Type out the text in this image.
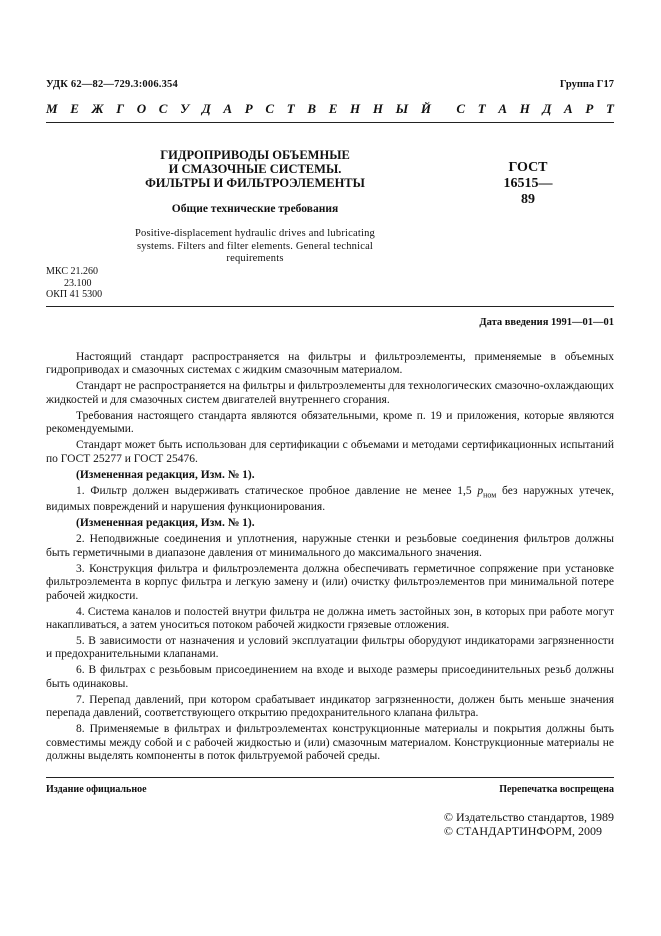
УДК 62—82—729.3:006.354	Группа Г17
М Е Ж Г О С У Д А Р С Т В Е Н Н Ы Й С Т А Н Д А Р Т
ГИДРОПРИВОДЫ ОБЪЕМНЫЕ
И СМАЗОЧНЫЕ СИСТЕМЫ.
ФИЛЬТРЫ И ФИЛЬТРОЭЛЕМЕНТЫ
ГОСТ
16515—89
Общие технические требования
Positive-displacement hydraulic drives and lubricating
systems. Filters and filter elements. General technical
requirements
МКС 21.260
23.100
ОКП 41 5300
Дата введения 1991—01—01

Настоящий стандарт распространяется на фильтры и фильтроэлементы, применяемые в объемных гидроприводах и смазочных системах с жидким смазочным материалом.

Стандарт не распространяется на фильтры и фильтроэлементы для технологических смазочно-охлаждающих жидкостей и для смазочных систем двигателей внутреннего сгорания.

Требования настоящего стандарта являются обязательными, кроме п. 19 и приложения, которые являются рекомендуемыми.

Стандарт может быть использован для сертификации с объемами и методами сертификационных испытаний по ГОСТ 25277 и ГОСТ 25476.

(Измененная редакция, Изм. № 1).

1. Фильтр должен выдерживать статическое пробное давление не менее 1,5 $p_{ном}$ без наружных утечек, видимых повреждений и нарушения функционирования.

(Измененная редакция, Изм. № 1).

2. Неподвижные соединения и уплотнения, наружные стенки и резьбовые соединения фильтров должны быть герметичными в диапазоне давления от минимального до максимального значения.

3. Конструкция фильтра и фильтроэлемента должна обеспечивать герметичное сопряжение при установке фильтроэлемента в корпус фильтра и легкую замену и (или) очистку фильтроэлементов при минимальной потере рабочей жидкости.

4. Система каналов и полостей внутри фильтра не должна иметь застойных зон, в которых при работе могут накапливаться, а затем уноситься потоком рабочей жидкости грязевые отложения.

5. В зависимости от назначения и условий эксплуатации фильтры оборудуют индикаторами загрязненности и предохранительными клапанами.

6. В фильтрах с резьбовым присоединением на входе и выходе размеры присоединительных резьб должны быть одинаковы.

7. Перепад давлений, при котором срабатывает индикатор загрязненности, должен быть меньше значения перепада давлений, соответствующего открытию предохранительного клапана фильтра.

8. Применяемые в фильтрах и фильтроэлементах конструкционные материалы и покрытия должны быть совместимы между собой и с рабочей жидкостью и (или) смазочным материалом. Конструкционные материалы не должны выделять компоненты в поток фильтруемой рабочей среды.

Издание официальное	Перепечатка воспрещена
© Издательство стандартов, 1989
© СТАНДАРТИНФОРМ, 2009
